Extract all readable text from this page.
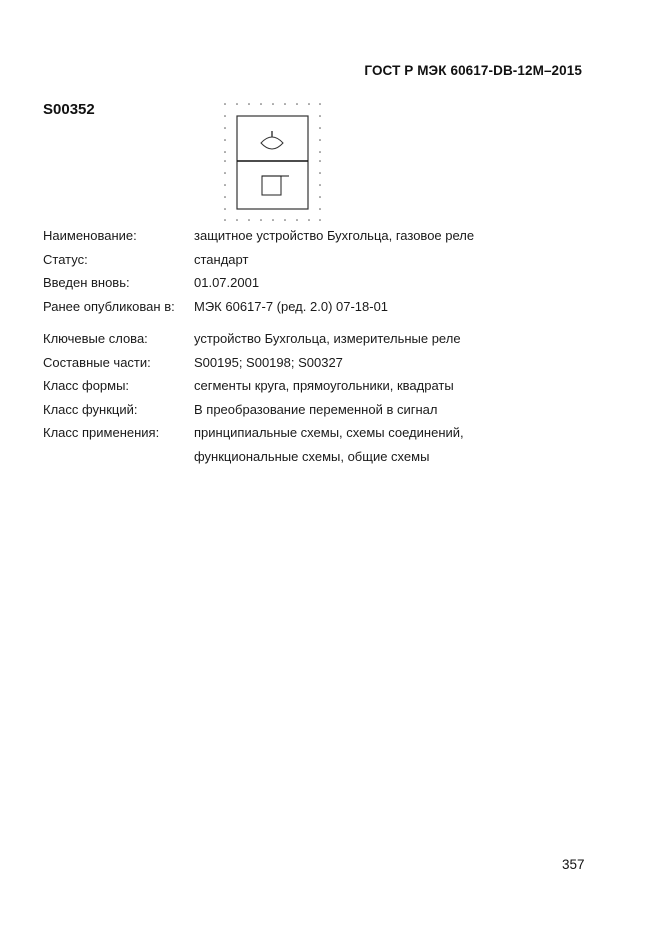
ГОСТ Р МЭК 60617-DB-12M–2015
S00352
Наименование:	защитное устройство Бухгольца, газовое реле
Статус:	стандарт
Введен вновь:	01.07.2001
Ранее опубликован в:	МЭК 60617-7 (ред. 2.0) 07-18-01
Ключевые слова:	устройство Бухгольца, измерительные реле
Составные части:	S00195; S00198; S00327
Класс формы:	сегменты круга, прямоугольники, квадраты
Класс функций:	В преобразование переменной в сигнал
Класс применения:	принципиальные схемы, схемы соединений,
функциональные схемы, общие схемы
357
